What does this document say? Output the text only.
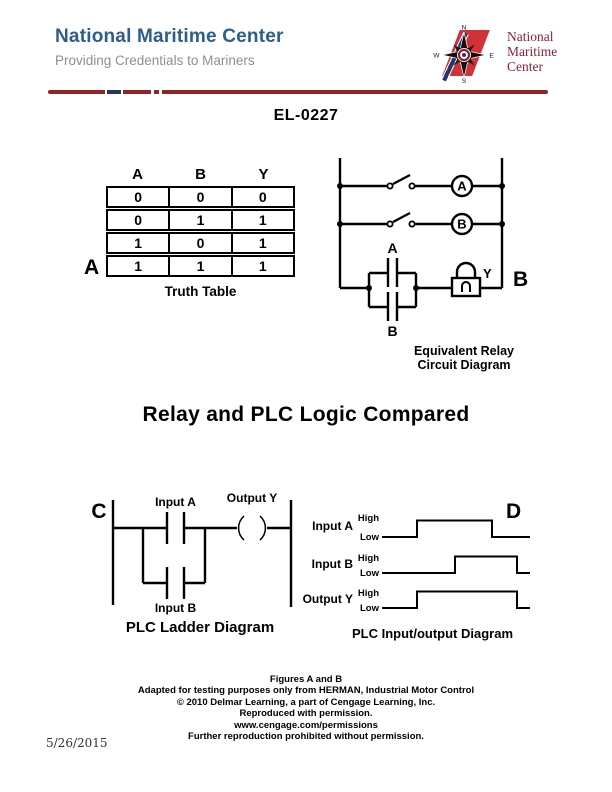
National Maritime Center
Providing Credentials to Mariners
N
S
W	E
National
Maritime
Center
EL-0227
A	B	Y
0	0	0
0	1	1
1	0	1
1	1	1
A
Truth Table
A
B
A
B
Y B
Equivalent Relay
Circuit Diagram
Relay and PLC Logic Compared
C	Input A	Output Y
Input B
PLC Ladder Diagram
D
Input A
High
Low
Input B High
Low
Output Y High
Low
PLC Input/output Diagram
Figures A and B
Adapted for testing purposes only from HERMAN, Industrial Motor Control
© 2010 Delmar Learning, a part of Cengage Learning, Inc.
Reproduced with permission.
www.cengage.com/permissions
Further reproduction prohibited without permission.
5/26/2015
